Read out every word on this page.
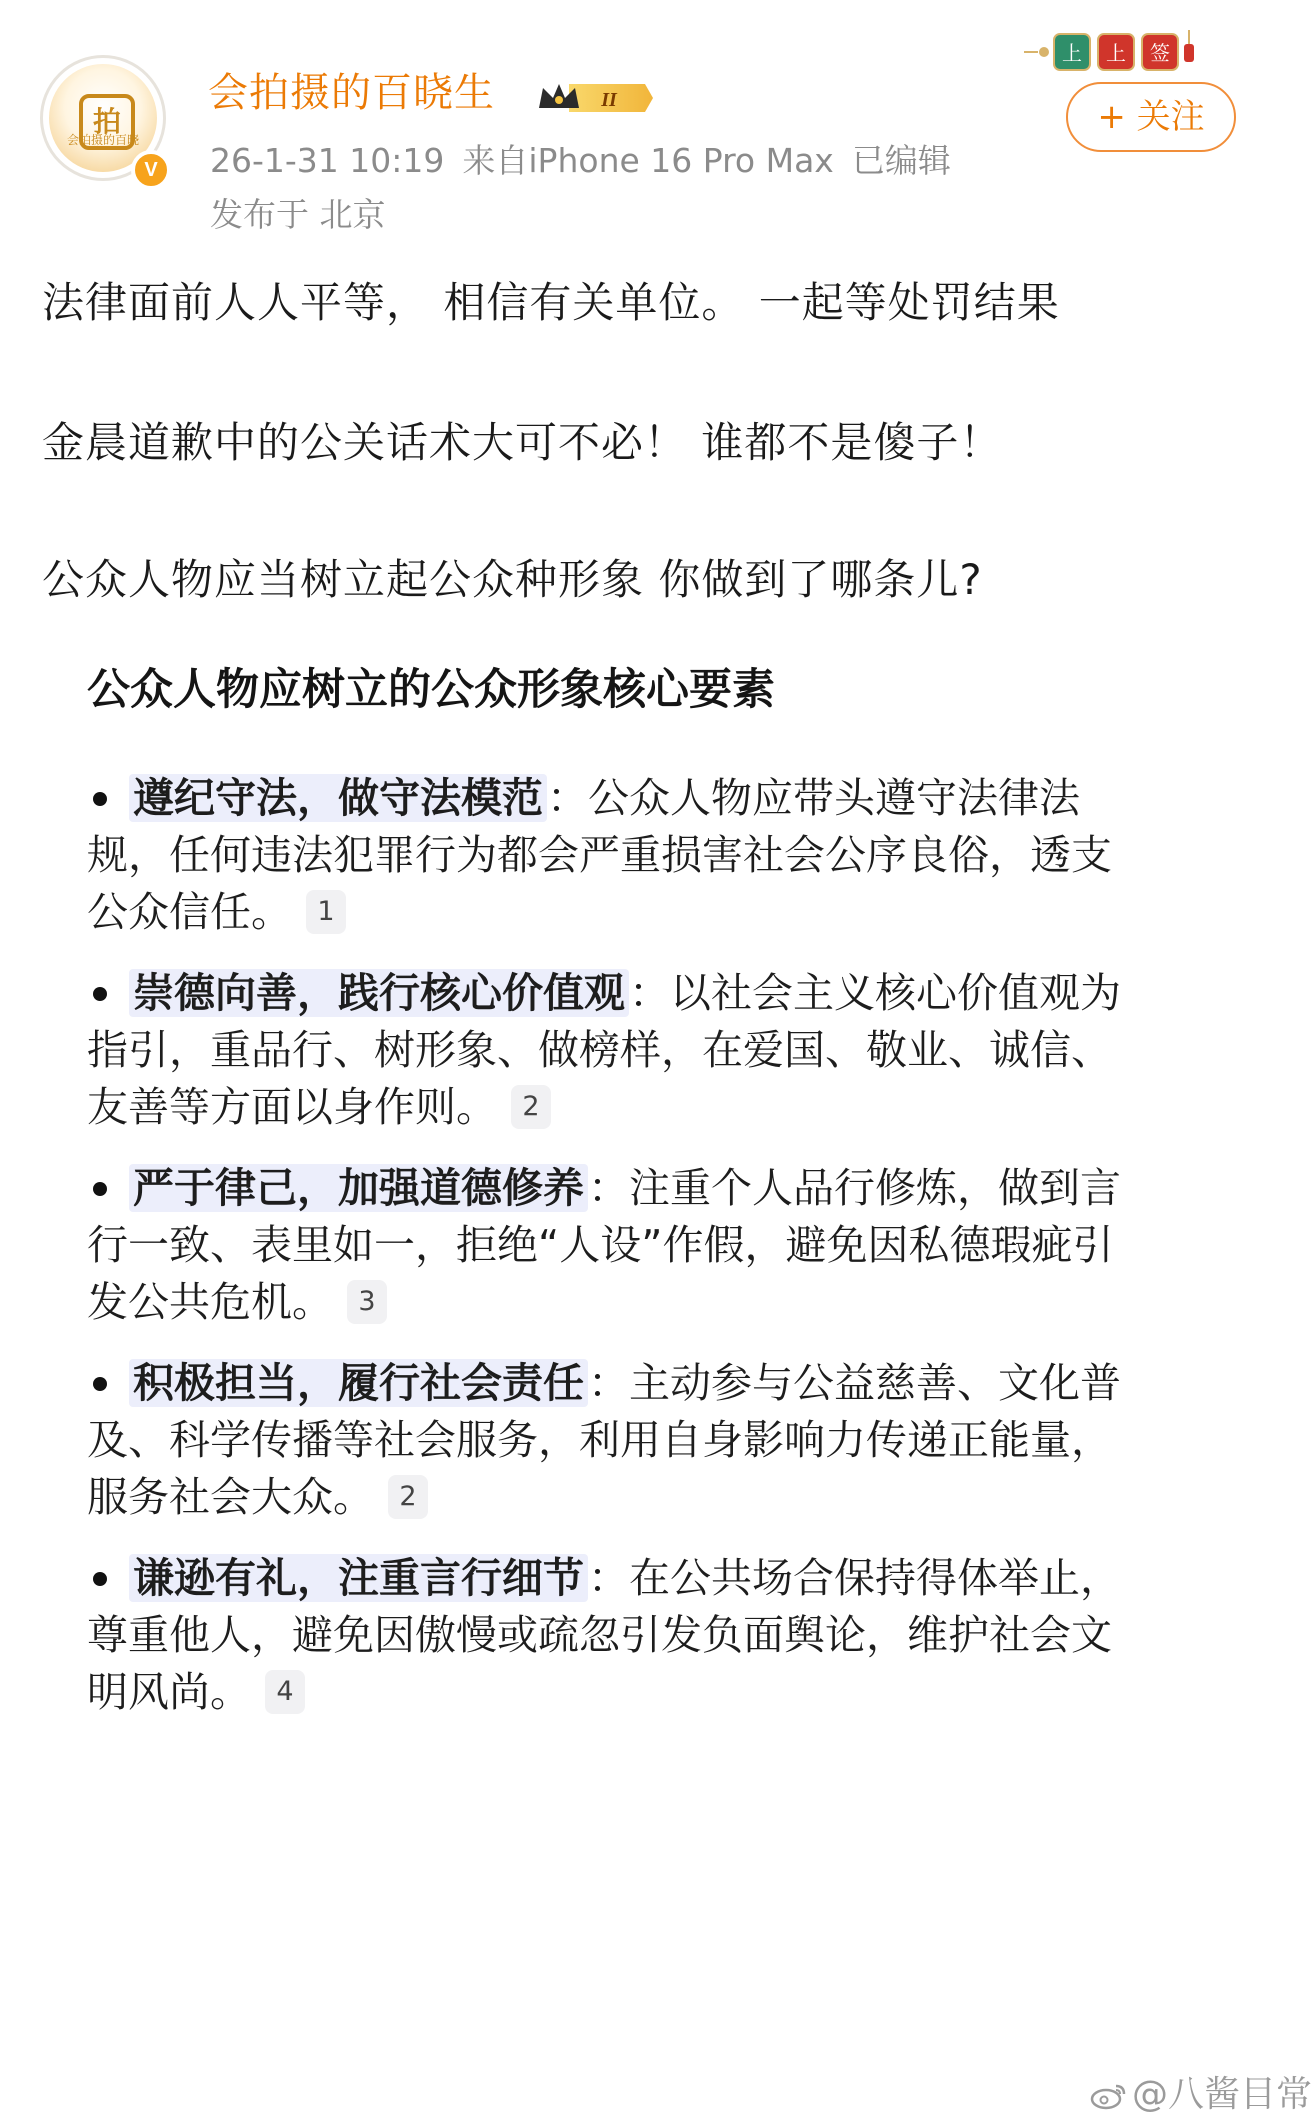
拍
会拍摄的百晓
V
会拍摄的百晓生	II
26-1-31 10:19 来自iPhone 16 Pro Max 已编辑
发布于 北京
上 上 签
+ 关注
法律面前人人平等， 相信有关单位。 一起等处罚结果
金晨道歉中的公关话术大可不必！ 谁都不是傻子！
公众人物应当树立起公众种形象 你做到了哪条儿?
公众人物应树立的公众形象核心要素
遵纪守法，做守法模范：公众人物应带头遵守法律法
规，任何违法犯罪行为都会严重损害社会公序良俗，透支
公众信任。 1
崇德向善，践行核心价值观：以社会主义核心价值观为
指引，重品行、树形象、做榜样，在爱国、敬业、诚信、
友善等方面以身作则。 2
严于律己，加强道德修养：注重个人品行修炼，做到言
行一致、表里如一，拒绝“人设”作假，避免因私德瑕疵引
发公共危机。 3
积极担当，履行社会责任：主动参与公益慈善、文化普
及、科学传播等社会服务，利用自身影响力传递正能量，
服务社会大众。 2
谦逊有礼，注重言行细节：在公共场合保持得体举止，
尊重他人，避免因傲慢或疏忽引发负面舆论，维护社会文
明风尚。 4
@八酱目常
